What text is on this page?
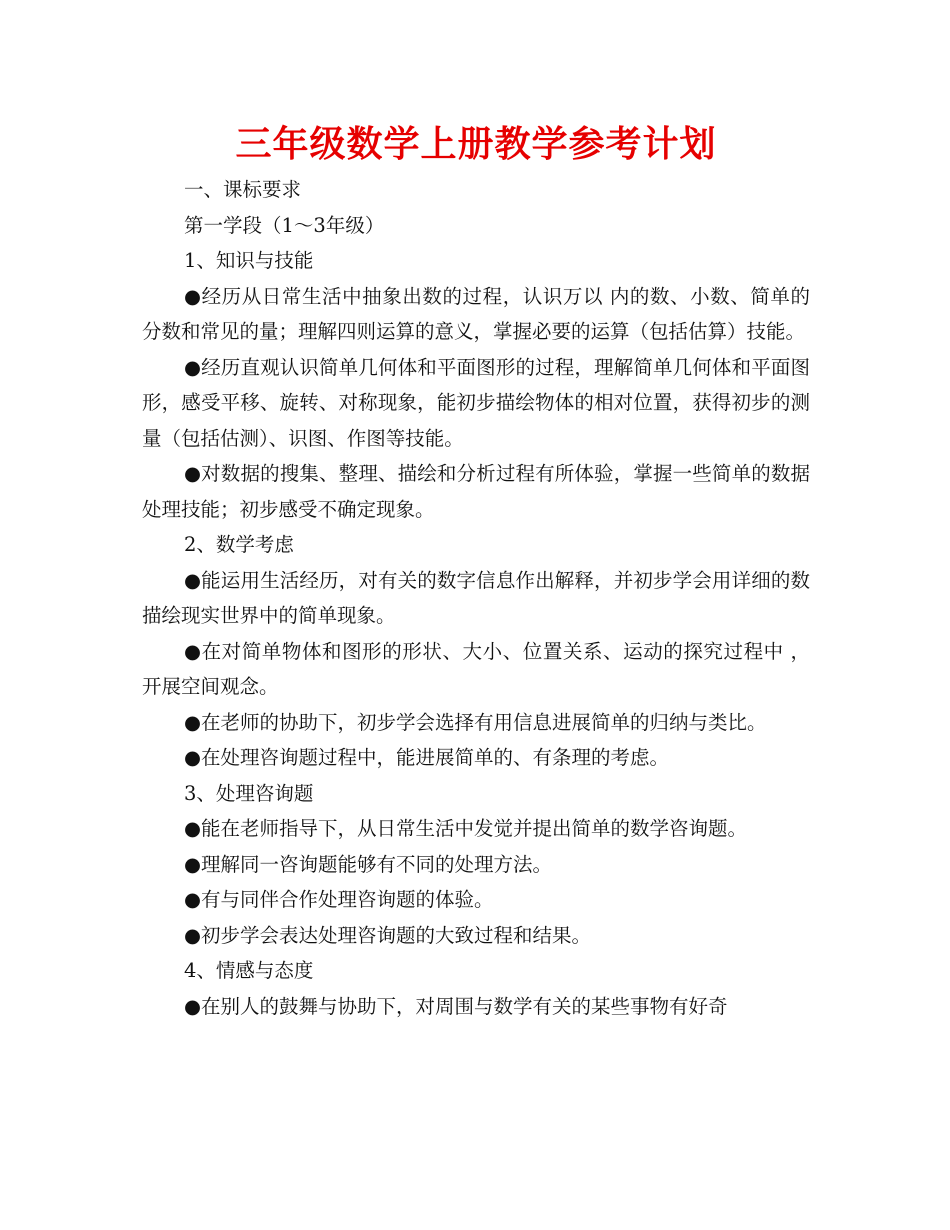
三年级数学上册教学参考计划

一、课标要求

第一学段（1～3年级）

1、知识与技能

●经历从日常生活中抽象出数的过程，认识万以 内的数、小数、简单的分数和常见的量；理解四则运算的意义，掌握必要的运算（包括估算）技能。

●经历直观认识简单几何体和平面图形的过程，理解简单几何体和平面图形，感受平移、旋转、对称现象，能初步描绘物体的相对位置，获得初步的测量（包括估测）、识图、作图等技能。

●对数据的搜集、整理、描绘和分析过程有所体验，掌握一些简单的数据处理技能；初步感受不确定现象。

2、数学考虑

●能运用生活经历，对有关的数字信息作出解释，并初步学会用详细的数描绘现实世界中的简单现象。

●在对简单物体和图形的形状、大小、位置关系、运动的探究过程中 ，开展空间观念。

●在老师的协助下，初步学会选择有用信息进展简单的归纳与类比。

●在处理咨询题过程中，能进展简单的、有条理的考虑。

3、处理咨询题

●能在老师指导下，从日常生活中发觉并提出简单的数学咨询题。

●理解同一咨询题能够有不同的处理方法。

●有与同伴合作处理咨询题的体验。

●初步学会表达处理咨询题的大致过程和结果。

4、情感与态度

●在别人的鼓舞与协助下，对周围与数学有关的某些事物有好奇
